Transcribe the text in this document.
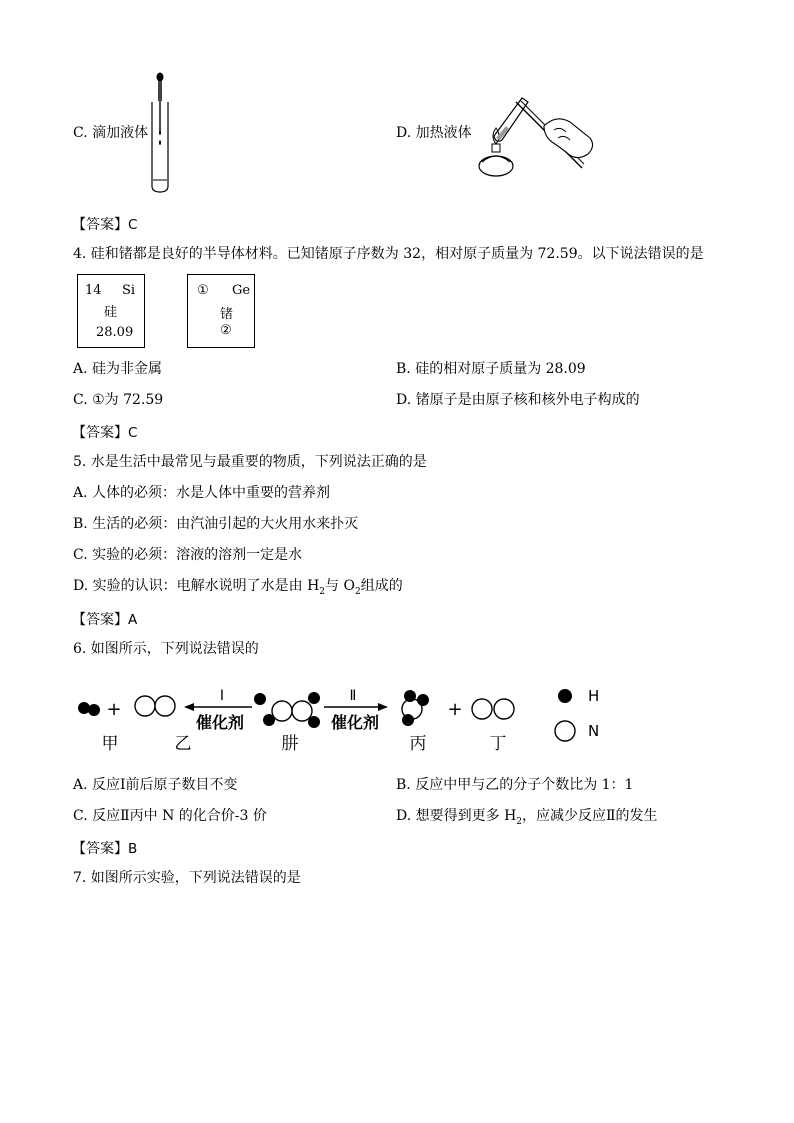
C. 滴加液体	D. 加热液体
【答案】C
4. 硅和锗都是良好的半导体材料。已知锗原子序数为 32，相对原子质量为 72.59。以下说法错误的是
14 Si
硅
28.09
① Ge
锗
②
A. 硅为非金属	B. 硅的相对原子质量为 28.09
C. ①为 72.59	D. 锗原子是由原子核和核外电子构成的
【答案】C
5. 水是生活中最常见与最重要的物质，下列说法正确的是
A. 人体的必须：水是人体中重要的营养剂
B. 生活的必须：由汽油引起的大火用水来扑灭
C. 实验的必须：溶液的溶剂一定是水
D. 实验的认识：电解水说明了水是由 $H_2$与 $O_2$组成的
【答案】A
6. 如图所示，下列说法错误的
+
Ⅰ
催化剂
Ⅱ
催化剂
+
甲	乙	肼	丙	丁
H
N
A. 反应Ⅰ前后原子数目不变	B. 反应中甲与乙的分子个数比为 1：1
C. 反应Ⅱ丙中 N 的化合价-3 价	D. 想要得到更多 $H_2$，应减少反应Ⅱ的发生
【答案】B
7. 如图所示实验，下列说法错误的是
